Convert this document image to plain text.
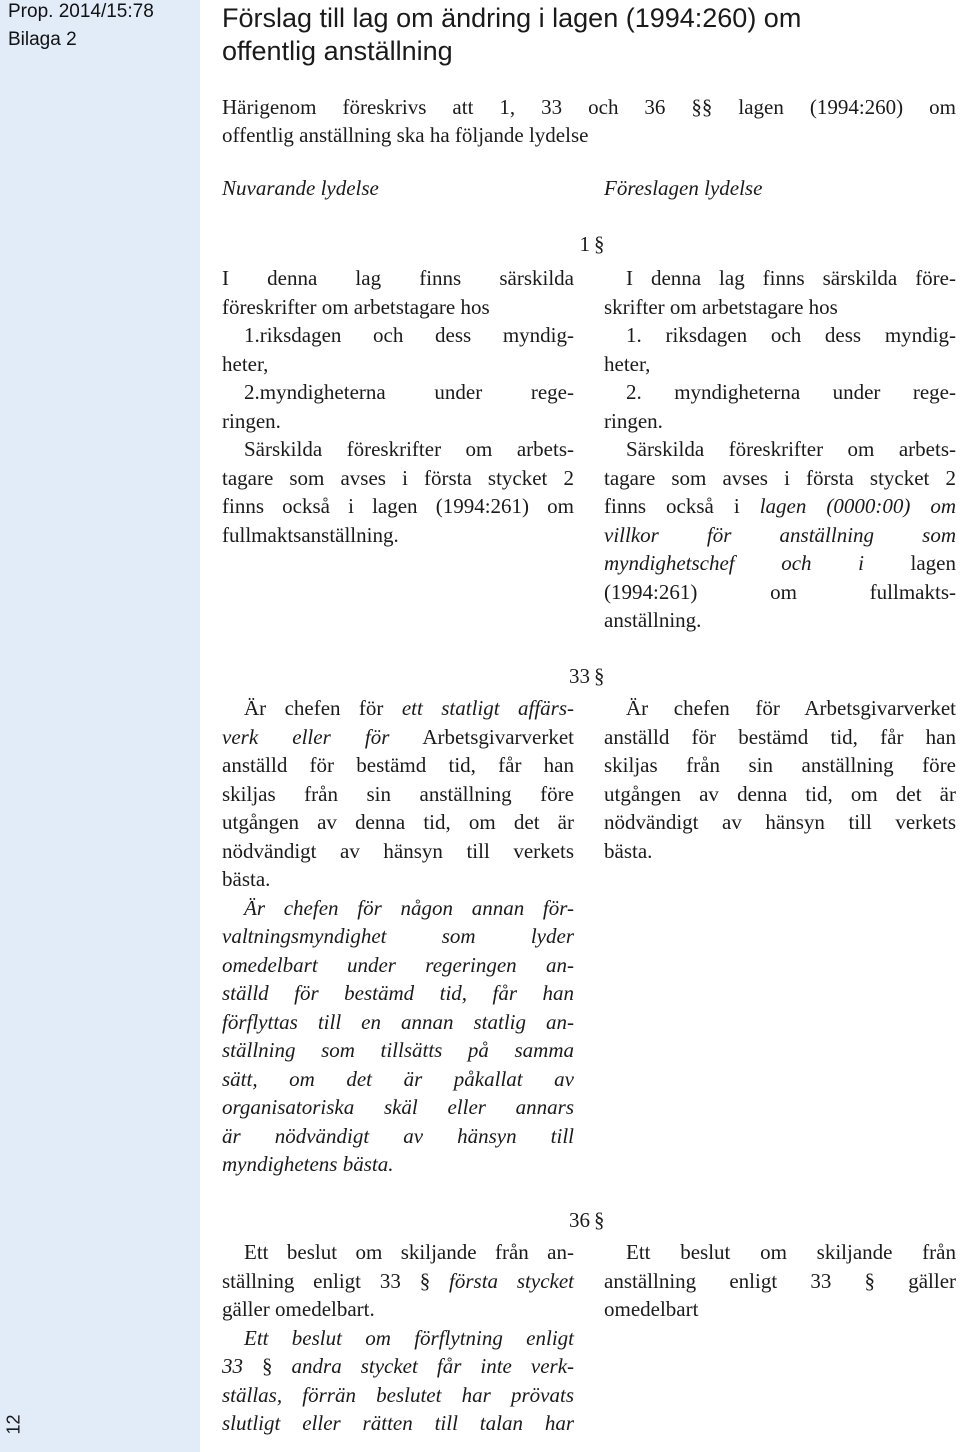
Prop. 2014/15:78
Bilaga 2
12
Förslag till lag om ändring i lagen (1994:260) om
offentlig anställning
Härigenom föreskrivs att 1, 33 och 36 §§ lagen (1994:260) om
offentlig anställning ska ha följande lydelse
Nuvarande lydelse	Föreslagen lydelse
1 §
I denna lag finns särskilda
föreskrifter om arbetstagare hos
1.riksdagen och dess myndig-
heter,
2.myndigheterna under rege-
ringen.
Särskilda föreskrifter om arbets-
tagare som avses i första stycket 2
finns också i lagen (1994:261) om
fullmaktsanställning.
I denna lag finns särskilda före-
skrifter om arbetstagare hos
1. riksdagen och dess myndig-
heter,
2. myndigheterna under rege-
ringen.
Särskilda föreskrifter om arbets-
tagare som avses i första stycket 2
finns också i lagen (0000:00) om
villkor för anställning som
myndighetschef och i lagen
(1994:261) om fullmakts-
anställning.
33 §
Är chefen för ett statligt affärs-
verk eller för Arbetsgivarverket
anställd för bestämd tid, får han
skiljas från sin anställning före
utgången av denna tid, om det är
nödvändigt av hänsyn till verkets
bästa.
Är chefen för någon annan för-
valtningsmyndighet som lyder
omedelbart under regeringen an-
ställd för bestämd tid, får han
förflyttas till en annan statlig an-
ställning som tillsätts på samma
sätt, om det är påkallat av
organisatoriska skäl eller annars
är nödvändigt av hänsyn till
myndighetens bästa.
Är chefen för Arbetsgivarverket
anställd för bestämd tid, får han
skiljas från sin anställning före
utgången av denna tid, om det är
nödvändigt av hänsyn till verkets
bästa.
36 §
Ett beslut om skiljande från an-
ställning enligt 33 § första stycket
gäller omedelbart.
Ett beslut om förflytning enligt
33 § andra stycket får inte verk-
ställas, förrän beslutet har prövats
slutligt eller rätten till talan har
Ett beslut om skiljande från
anställning enligt 33 § gäller
omedelbart
